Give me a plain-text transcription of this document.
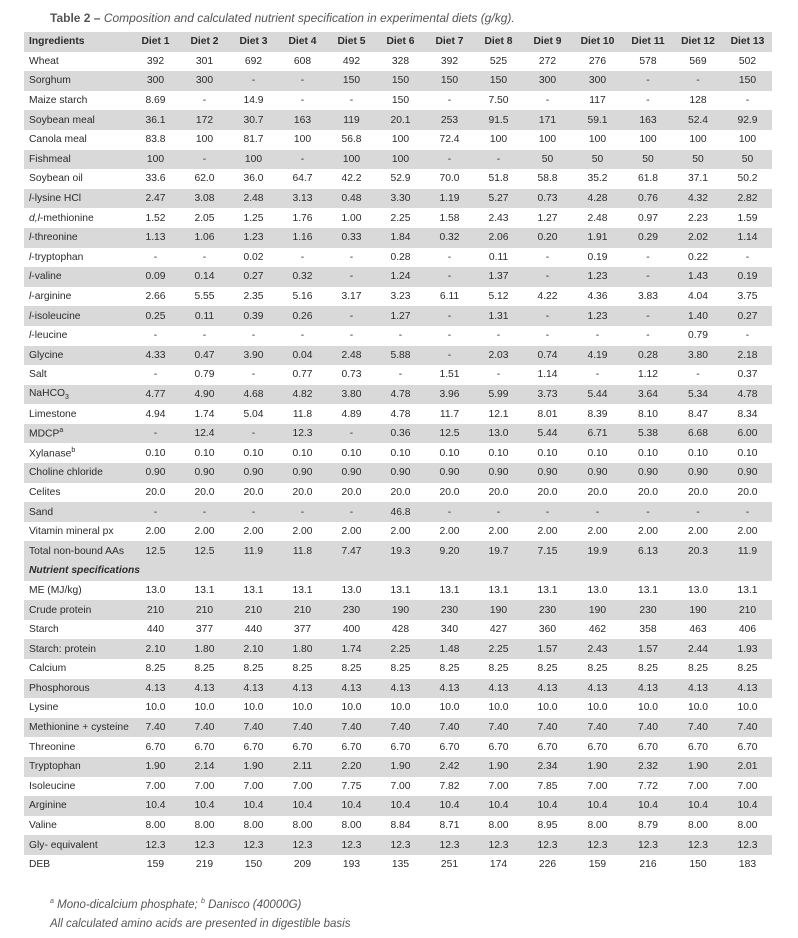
Table 2 – Composition and calculated nutrient specification in experimental diets (g/kg).
Ingredients	Diet 1	Diet 2	Diet 3	Diet 4	Diet 5	Diet 6	Diet 7	Diet 8	Diet 9	Diet 10	Diet 11	Diet 12	Diet 13
Wheat	392	301	692	608	492	328	392	525	272	276	578	569	502
Sorghum	300	300	-	-	150	150	150	150	300	300	-	-	150
Maize starch	8.69	-	14.9	-	-	150	-	7.50	-	117	-	128	-
Soybean meal	36.1	172	30.7	163	119	20.1	253	91.5	171	59.1	163	52.4	92.9
Canola meal	83.8	100	81.7	100	56.8	100	72.4	100	100	100	100	100	100
Fishmeal	100	-	100	-	100	100	-	-	50	50	50	50	50
Soybean oil	33.6	62.0	36.0	64.7	42.2	52.9	70.0	51.8	58.8	35.2	61.8	37.1	50.2
l-lysine HCl	2.47	3.08	2.48	3.13	0.48	3.30	1.19	5.27	0.73	4.28	0.76	4.32	2.82
d,l-methionine	1.52	2.05	1.25	1.76	1.00	2.25	1.58	2.43	1.27	2.48	0.97	2.23	1.59
l-threonine	1.13	1.06	1.23	1.16	0.33	1.84	0.32	2.06	0.20	1.91	0.29	2.02	1.14
l-tryptophan	-	-	0.02	-	-	0.28	-	0.11	-	0.19	-	0.22	-
l-valine	0.09	0.14	0.27	0.32	-	1.24	-	1.37	-	1.23	-	1.43	0.19
l-arginine	2.66	5.55	2.35	5.16	3.17	3.23	6.11	5.12	4.22	4.36	3.83	4.04	3.75
l-isoleucine	0.25	0.11	0.39	0.26	-	1.27	-	1.31	-	1.23	-	1.40	0.27
l-leucine	-	-	-	-	-	-	-	-	-	-	-	0.79	-
Glycine	4.33	0.47	3.90	0.04	2.48	5.88	-	2.03	0.74	4.19	0.28	3.80	2.18
Salt	-	0.79	-	0.77	0.73	-	1.51	-	1.14	-	1.12	-	0.37
NaHCO$_3$	4.77	4.90	4.68	4.82	3.80	4.78	3.96	5.99	3.73	5.44	3.64	5.34	4.78
Limestone	4.94	1.74	5.04	11.8	4.89	4.78	11.7	12.1	8.01	8.39	8.10	8.47	8.34
MDCP$^a$	-	12.4	-	12.3	-	0.36	12.5	13.0	5.44	6.71	5.38	6.68	6.00
Xylanase$^b$	0.10	0.10	0.10	0.10	0.10	0.10	0.10	0.10	0.10	0.10	0.10	0.10	0.10
Choline chloride	0.90	0.90	0.90	0.90	0.90	0.90	0.90	0.90	0.90	0.90	0.90	0.90	0.90
Celites	20.0	20.0	20.0	20.0	20.0	20.0	20.0	20.0	20.0	20.0	20.0	20.0	20.0
Sand	-	-	-	-	-	46.8	-	-	-	-	-	-	-
Vitamin mineral px	2.00	2.00	2.00	2.00	2.00	2.00	2.00	2.00	2.00	2.00	2.00	2.00	2.00
Total non-bound AAs	12.5	12.5	11.9	11.8	7.47	19.3	9.20	19.7	7.15	19.9	6.13	20.3	11.9
Nutrient specifications													
ME (MJ/kg)	13.0	13.1	13.1	13.1	13.0	13.1	13.1	13.1	13.1	13.0	13.1	13.0	13.1
Crude protein	210	210	210	210	230	190	230	190	230	190	230	190	210
Starch	440	377	440	377	400	428	340	427	360	462	358	463	406
Starch: protein	2.10	1.80	2.10	1.80	1.74	2.25	1.48	2.25	1.57	2.43	1.57	2.44	1.93
Calcium	8.25	8.25	8.25	8.25	8.25	8.25	8.25	8.25	8.25	8.25	8.25	8.25	8.25
Phosphorous	4.13	4.13	4.13	4.13	4.13	4.13	4.13	4.13	4.13	4.13	4.13	4.13	4.13
Lysine	10.0	10.0	10.0	10.0	10.0	10.0	10.0	10.0	10.0	10.0	10.0	10.0	10.0
Methionine + cysteine	7.40	7.40	7.40	7.40	7.40	7.40	7.40	7.40	7.40	7.40	7.40	7.40	7.40
Threonine	6.70	6.70	6.70	6.70	6.70	6.70	6.70	6.70	6.70	6.70	6.70	6.70	6.70
Tryptophan	1.90	2.14	1.90	2.11	2.20	1.90	2.42	1.90	2.34	1.90	2.32	1.90	2.01
Isoleucine	7.00	7.00	7.00	7.00	7.75	7.00	7.82	7.00	7.85	7.00	7.72	7.00	7.00
Arginine	10.4	10.4	10.4	10.4	10.4	10.4	10.4	10.4	10.4	10.4	10.4	10.4	10.4
Valine	8.00	8.00	8.00	8.00	8.00	8.84	8.71	8.00	8.95	8.00	8.79	8.00	8.00
Gly- equivalent	12.3	12.3	12.3	12.3	12.3	12.3	12.3	12.3	12.3	12.3	12.3	12.3	12.3
DEB	159	219	150	209	193	135	251	174	226	159	216	150	183
$^a$ Mono-dicalcium phosphate; $^b$ Danisco (40000G)
All calculated amino acids are presented in digestible basis
